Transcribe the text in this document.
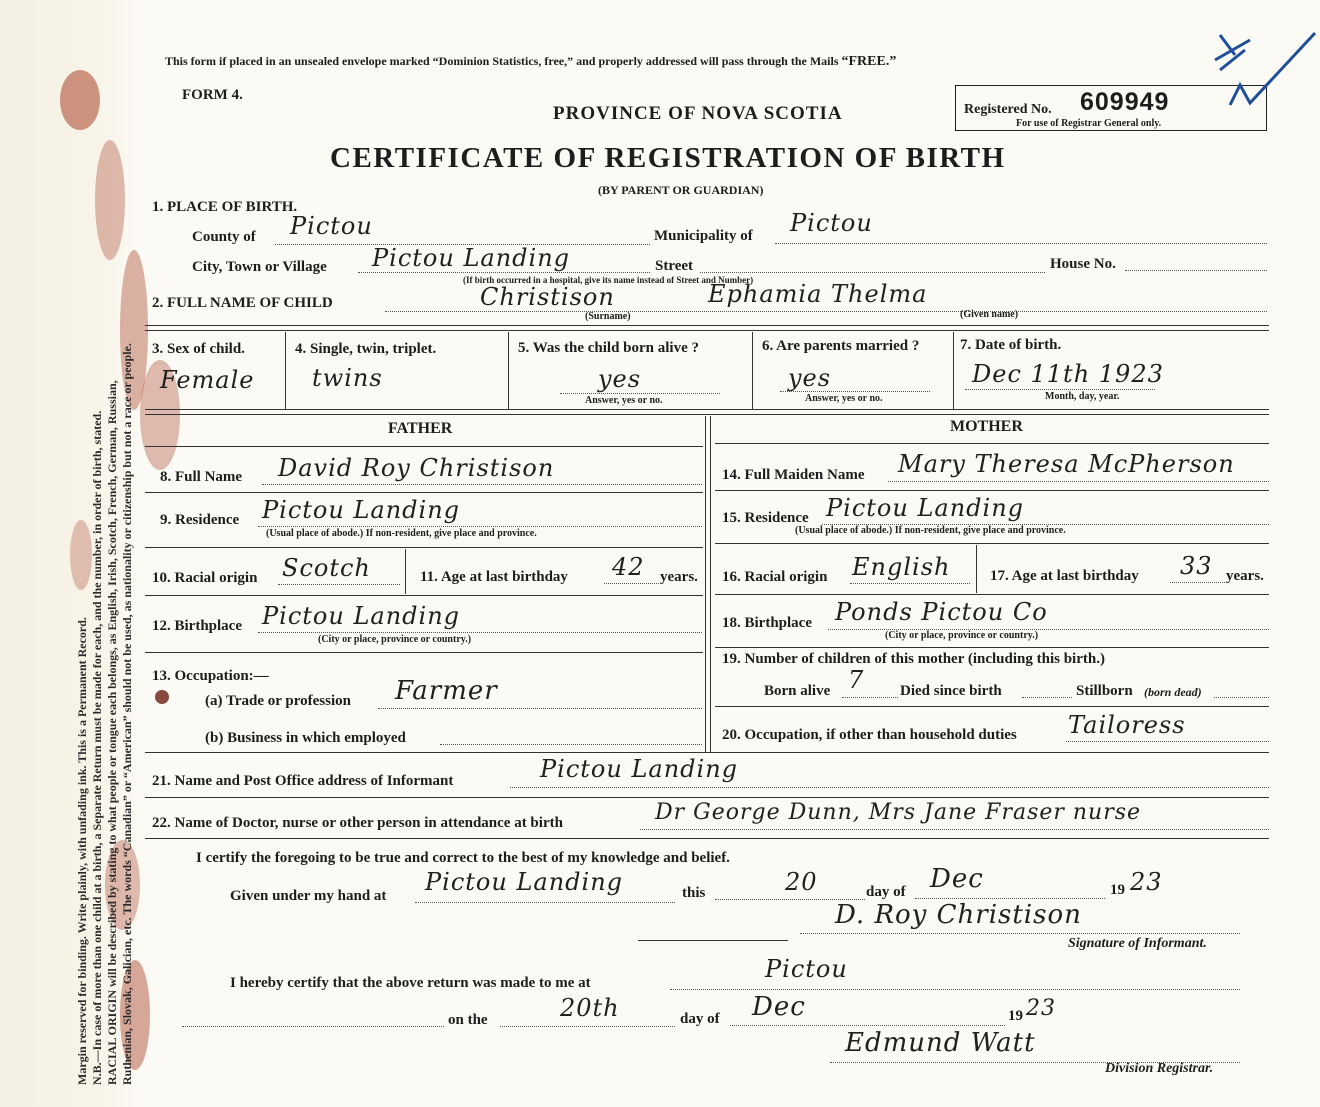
Margin reserved for binding. Write plainly, with unfading ink. This is a Permanent Record. N.B.—In case of more than one child at a birth, a Separate Return must be made for each, and the number, in order of birth, stated. RACIAL ORIGIN will be described by stating to what people or tongue each belongs, as English, Irish, Scotch, French, German, Russian, Ruthenian, Slovak, Galician, etc. The words “Canadian” or “American” should not be used, as nationality or citizenship but not a race or people.
This form if placed in an unsealed envelope marked “Dominion Statistics, free,” and properly addressed will pass through the Mails “FREE.”
FORM 4.
PROVINCE OF NOVA SCOTIA
CERTIFICATE OF REGISTRATION OF BIRTH
(BY PARENT OR GUARDIAN)
Registered No. 609949
For use of Registrar General only.
1. PLACE OF BIRTH.
County of Pictou	Municipality of Pictou
City, Town or Village Pictou Landing	Street	House No.
(If birth occurred in a hospital, give its name instead of Street and Number)
2. FULL NAME OF CHILD	Christison	Ephamia Thelma
(Surname)	(Given name)
3. Sex of child.
Female
4. Single, twin, triplet.
twins
5. Was the child born alive ?
yes
Answer, yes or no.
6. Are parents married ?
yes
Answer, yes or no.
7. Date of birth.
Dec 11th 1923
Month, day, year.
FATHER	MOTHER
8. Full Name David Roy Christison
9. Residence Pictou Landing
(Usual place of abode.) If non-resident, give place and province.
10. Racial origin Scotch	11. Age at last birthday 42 years.
12. Birthplace Pictou Landing
(City or place, province or country.)
13. Occupation:—
(a) Trade or profession Farmer
(b) Business in which employed
14. Full Maiden Name Mary Theresa McPherson
15. Residence Pictou Landing
(Usual place of abode.) If non-resident, give place and province.
16. Racial origin English	17. Age at last birthday 33 years.
18. Birthplace Ponds Pictou Co
(City or place, province or country.)
19. Number of children of this mother (including this birth.)
Born alive 7 Died since birth	Stillborn (born dead)
20. Occupation, if other than household duties Tailoress
21. Name and Post Office address of Informant	Pictou Landing
22. Name of Doctor, nurse or other person in attendance at birth	Dr George Dunn, Mrs Jane Fraser nurse
I certify the foregoing to be true and correct to the best of my knowledge and belief.
Given under my hand at Pictou Landing	this	20	day of Dec	19 23
D. Roy Christison
Signature of Informant.
I hereby certify that the above return was made to me at	Pictou
on the	20th	day of Dec	19 23
Edmund Watt
Division Registrar.
